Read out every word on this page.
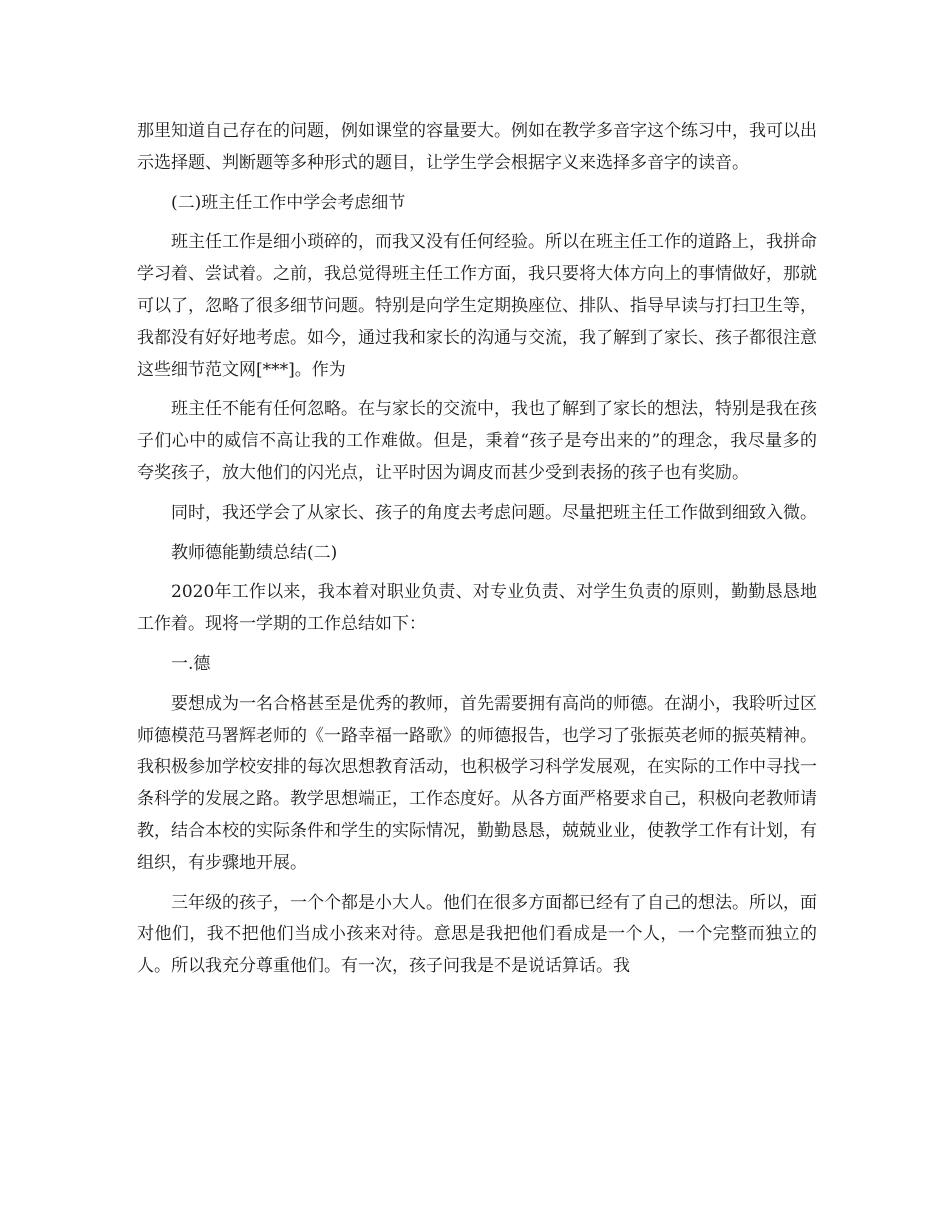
那里知道自己存在的问题，例如课堂的容量要大。例如在教学多音字这个练习中，我可以出示选择题、判断题等多种形式的题目，让学生学会根据字义来选择多音字的读音。

(二)班主任工作中学会考虑细节

班主任工作是细小琐碎的，而我又没有任何经验。所以在班主任工作的道路上，我拼命学习着、尝试着。之前，我总觉得班主任工作方面，我只要将大体方向上的事情做好，那就可以了，忽略了很多细节问题。特别是向学生定期换座位、排队、指导早读与打扫卫生等，我都没有好好地考虑。如今，通过我和家长的沟通与交流，我了解到了家长、孩子都很注意这些细节范文网[***]。作为

班主任不能有任何忽略。在与家长的交流中，我也了解到了家长的想法，特别是我在孩子们心中的威信不高让我的工作难做。但是，秉着“孩子是夸出来的”的理念，我尽量多的夸奖孩子，放大他们的闪光点，让平时因为调皮而甚少受到表扬的孩子也有奖励。

同时，我还学会了从家长、孩子的角度去考虑问题。尽量把班主任工作做到细致入微。

教师德能勤绩总结(二)

2020年工作以来，我本着对职业负责、对专业负责、对学生负责的原则，勤勤恳恳地工作着。现将一学期的工作总结如下：

一.德

要想成为一名合格甚至是优秀的教师，首先需要拥有高尚的师德。在湖小，我聆听过区师德模范马署辉老师的《一路幸福一路歌》的师德报告，也学习了张振英老师的振英精神。我积极参加学校安排的每次思想教育活动，也积极学习科学发展观，在实际的工作中寻找一条科学的发展之路。教学思想端正，工作态度好。从各方面严格要求自己，积极向老教师请教，结合本校的实际条件和学生的实际情况，勤勤恳恳，兢兢业业，使教学工作有计划，有组织，有步骤地开展。

三年级的孩子，一个个都是小大人。他们在很多方面都已经有了自己的想法。所以，面对他们，我不把他们当成小孩来对待。意思是我把他们看成是一个人，一个完整而独立的人。所以我充分尊重他们。有一次，孩子问我是不是说话算话。我
